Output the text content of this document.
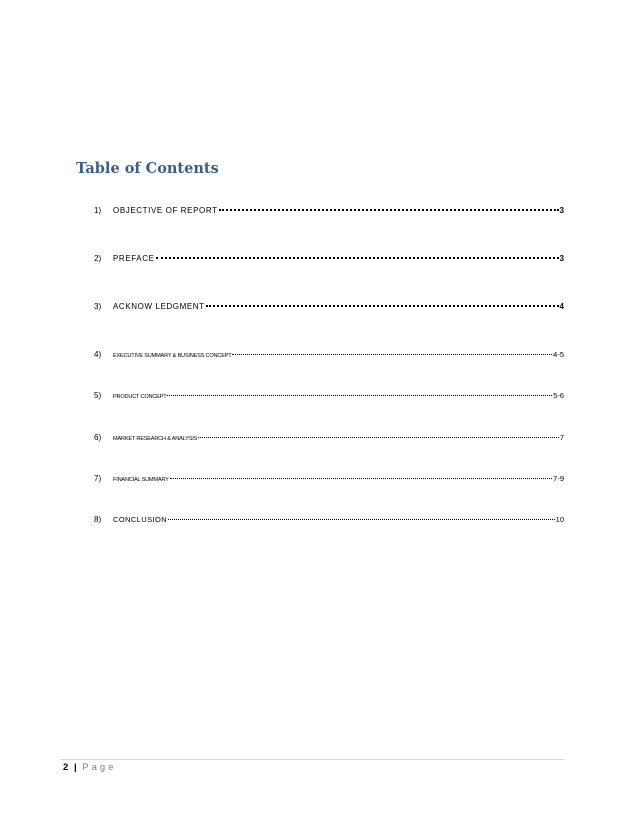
Table of Contents
1)	OBJECTIVE OF REPORT	3
2)	PREFACE	3
3)	ACKNOW LEDGMENT	4
4)	EXECUTIVE SUMMARY & BUSINESS CONCEPT	4-5
5)	PRODUCT CONCEPT	5-6
6)	MARKET RESEARCH & ANALYSIS	7
7)	FINANCIAL SUMMARY	7-9
8)	CONCLUSION	10
2 | Page
